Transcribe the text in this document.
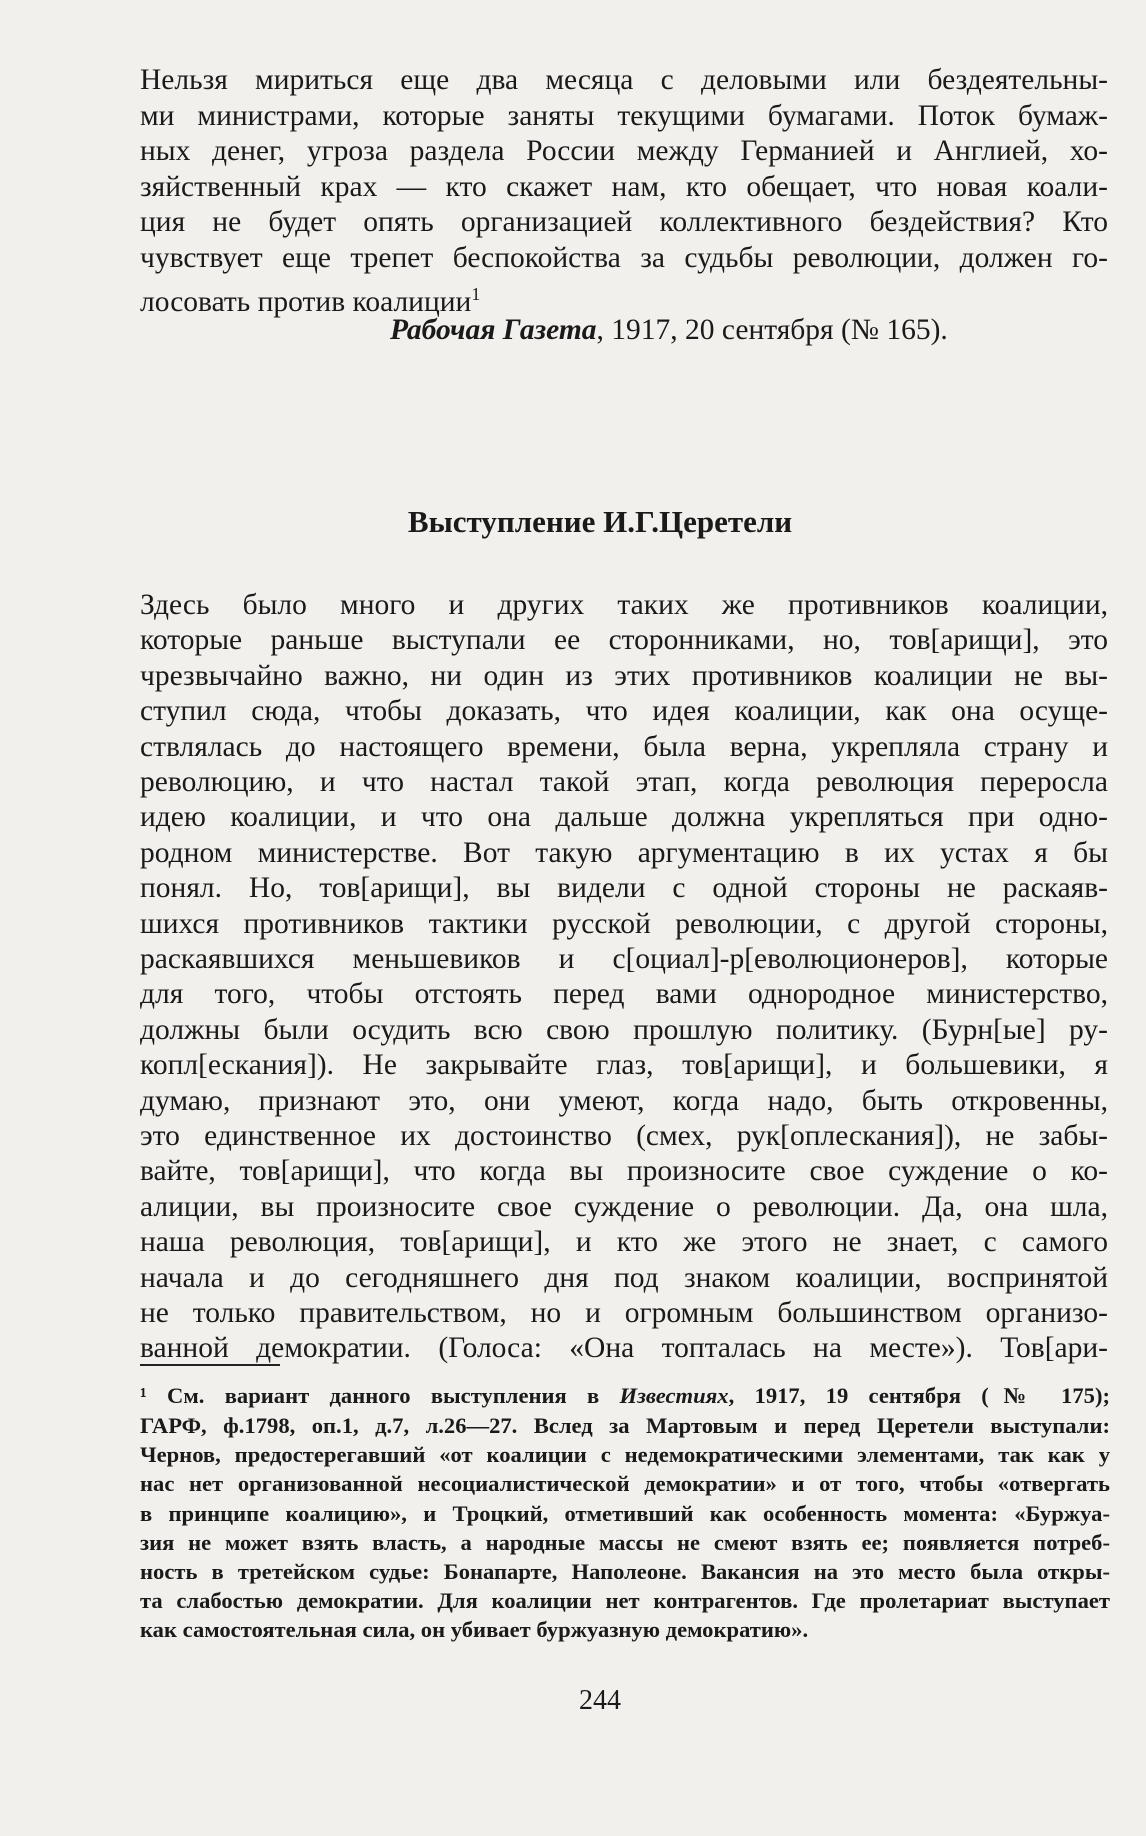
Нельзя мириться еще два месяца с деловыми или бездеятельны-
ми министрами, которые заняты текущими бумагами. Поток бумаж-
ных денег, угроза раздела России между Германией и Англией, хо-
зяйственный крах — кто скажет нам, кто обещает, что новая коали-
ция не будет опять организацией коллективного бездействия? Кто
чувствует еще трепет беспокойства за судьбы революции, должен го-
лосовать против коалиции$^1$
Рабочая Газета, 1917, 20 сентября (№ 165).
Выступление И.Г.Церетели
Здесь было много и других таких же противников коалиции,
которые раньше выступали ее сторонниками, но, тов[арищи], это
чрезвычайно важно, ни один из этих противников коалиции не вы-
ступил сюда, чтобы доказать, что идея коалиции, как она осуще-
ствлялась до настоящего времени, была верна, укрепляла страну и
революцию, и что настал такой этап, когда революция переросла
идею коалиции, и что она дальше должна укрепляться при одно-
родном министерстве. Вот такую аргументацию в их устах я бы
понял. Но, тов[арищи], вы видели с одной стороны не раскаяв-
шихся противников тактики русской революции, с другой стороны,
раскаявшихся меньшевиков и с[оциал]-р[еволюционеров], которые
для того, чтобы отстоять перед вами однородное министерство,
должны были осудить всю свою прошлую политику. (Бурн[ые] ру-
копл[ескания]). Не закрывайте глаз, тов[арищи], и большевики, я
думаю, признают это, они умеют, когда надо, быть откровенны,
это единственное их достоинство (смех, рук[оплескания]), не забы-
вайте, тов[арищи], что когда вы произносите свое суждение о ко-
алиции, вы произносите свое суждение о революции. Да, она шла,
наша революция, тов[арищи], и кто же этого не знает, с самого
начала и до сегодняшнего дня под знаком коалиции, воспринятой
не только правительством, но и огромным большинством организо-
ванной демократии. (Голоса: «Она топталась на месте»). Тов[ари-
¹ См. вариант данного выступления в Известиях, 1917, 19 сентября (№ 175);
ГАРФ, ф.1798, оп.1, д.7, л.26—27. Вслед за Мартовым и перед Церетели выступали:
Чернов, предостерегавший «от коалиции с недемократическими элементами, так как у
нас нет организованной несоциалистической демократии» и от того, чтобы «отвергать
в принципе коалицию», и Троцкий, отметивший как особенность момента: «Буржуа-
зия не может взять власть, а народные массы не смеют взять ее; появляется потреб-
ность в третейском судье: Бонапарте, Наполеоне. Вакансия на это место была откры-
та слабостью демократии. Для коалиции нет контрагентов. Где пролетариат выступает
как самостоятельная сила, он убивает буржуазную демократию».
244
